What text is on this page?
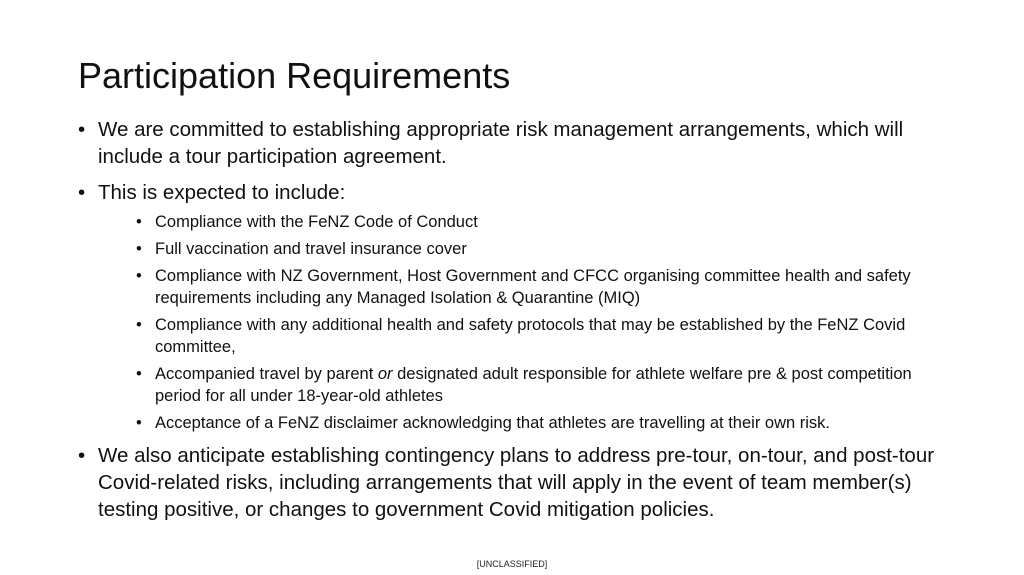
Participation Requirements
• We are committed to establishing appropriate risk management arrangements, which will include a tour participation agreement.
• This is expected to include:
• Compliance with the FeNZ Code of Conduct
• Full vaccination and travel insurance cover
• Compliance with NZ Government, Host Government and CFCC organising committee health and safety requirements including any Managed Isolation & Quarantine (MIQ)
• Compliance with any additional health and safety protocols that may be established by the FeNZ Covid committee,
• Accompanied travel by parent or designated adult responsible for athlete welfare pre & post competition period for all under 18-year-old athletes
• Acceptance of a FeNZ disclaimer acknowledging that athletes are travelling at their own risk.
• We also anticipate establishing contingency plans to address pre-tour, on-tour, and post-tour Covid-related risks, including arrangements that will apply in the event of team member(s) testing positive, or changes to government Covid mitigation policies.
[UNCLASSIFIED]
